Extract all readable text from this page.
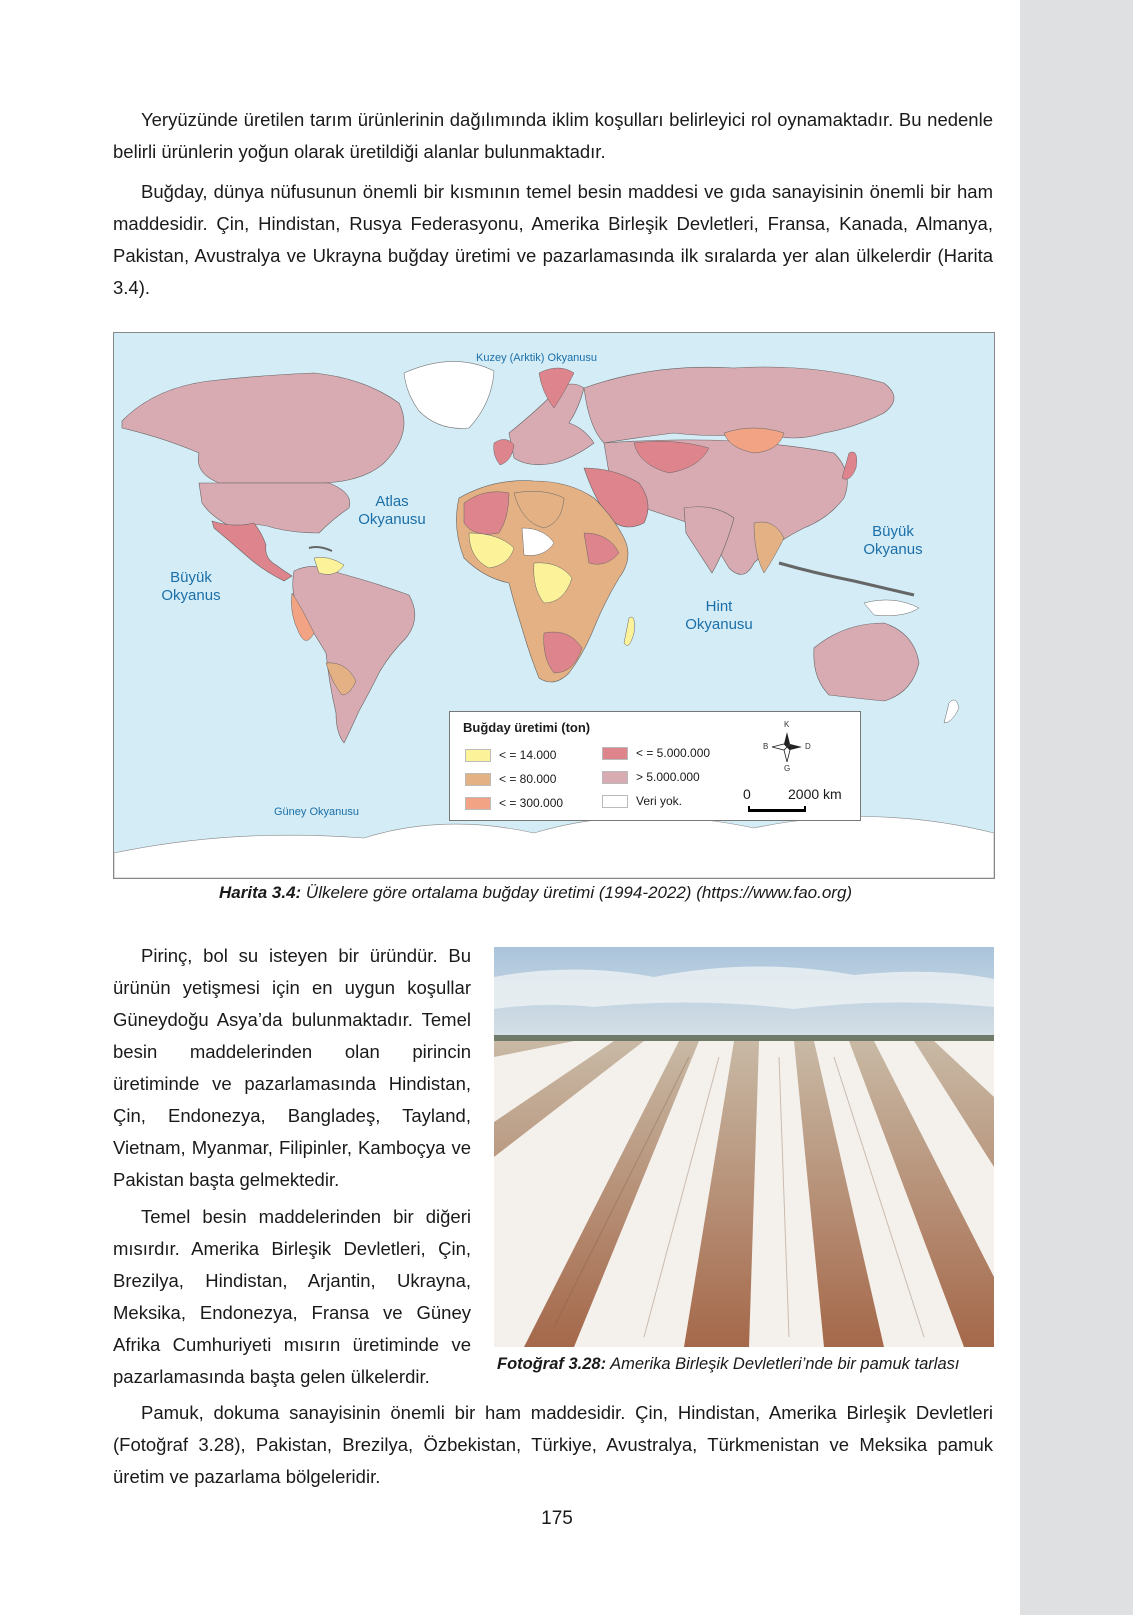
Yeryüzünde üretilen tarım ürünlerinin dağılımında iklim koşulları belirleyici rol oynamaktadır. Bu nedenle belirli ürünlerin yoğun olarak üretildiği alanlar bulunmaktadır.

Buğday, dünya nüfusunun önemli bir kısmının temel besin maddesi ve gıda sanayisinin önemli bir ham maddesidir. Çin, Hindistan, Rusya Federasyonu, Amerika Birleşik Devletleri, Fransa, Kanada, Almanya, Pakistan, Avustralya ve Ukrayna buğday üretimi ve pazarlamasında ilk sıralarda yer alan ülkelerdir (Harita 3.4).

Kuzey (Arktik) Okyanusu
Atlas
Okyanusu
Büyük
Okyanus
Büyük
Okyanus
Hint
Okyanusu
Güney Okyanusu
Buğday üretimi (ton)
< = 14.000
< = 80.000
< = 300.000
< = 5.000.000
> 5.000.000
Veri yok.
K
G
B	D
0	2000 km
Harita 3.4: Ülkelere göre ortalama buğday üretimi (1994-2022) (https://www.fao.org)

Pirinç, bol su isteyen bir üründür. Bu ürünün yetişmesi için en uygun koşullar Güneydoğu Asya’da bulunmaktadır. Temel besin maddelerinden olan pirincin üretiminde ve pazarlamasında Hindistan, Çin, Endonezya, Bangladeş, Tayland, Vietnam, Myanmar, Filipinler, Kamboçya ve Pakistan başta gelmektedir.

Temel besin maddelerinden bir diğeri mısırdır. Amerika Birleşik Devletleri, Çin, Brezilya, Hindistan, Arjantin, Ukrayna, Meksika, Endonezya, Fransa ve Güney Afrika Cumhuriyeti mısırın üretiminde ve pazarlamasında başta gelen ülkelerdir.

Fotoğraf 3.28: Amerika Birleşik Devletleri’nde bir pamuk tarlası

Pamuk, dokuma sanayisinin önemli bir ham maddesidir. Çin, Hindistan, Amerika Birleşik Devletleri (Fotoğraf 3.28), Pakistan, Brezilya, Özbekistan, Türkiye, Avustralya, Türkmenistan ve Meksika pamuk üretim ve pazarlama bölgeleridir.

175
